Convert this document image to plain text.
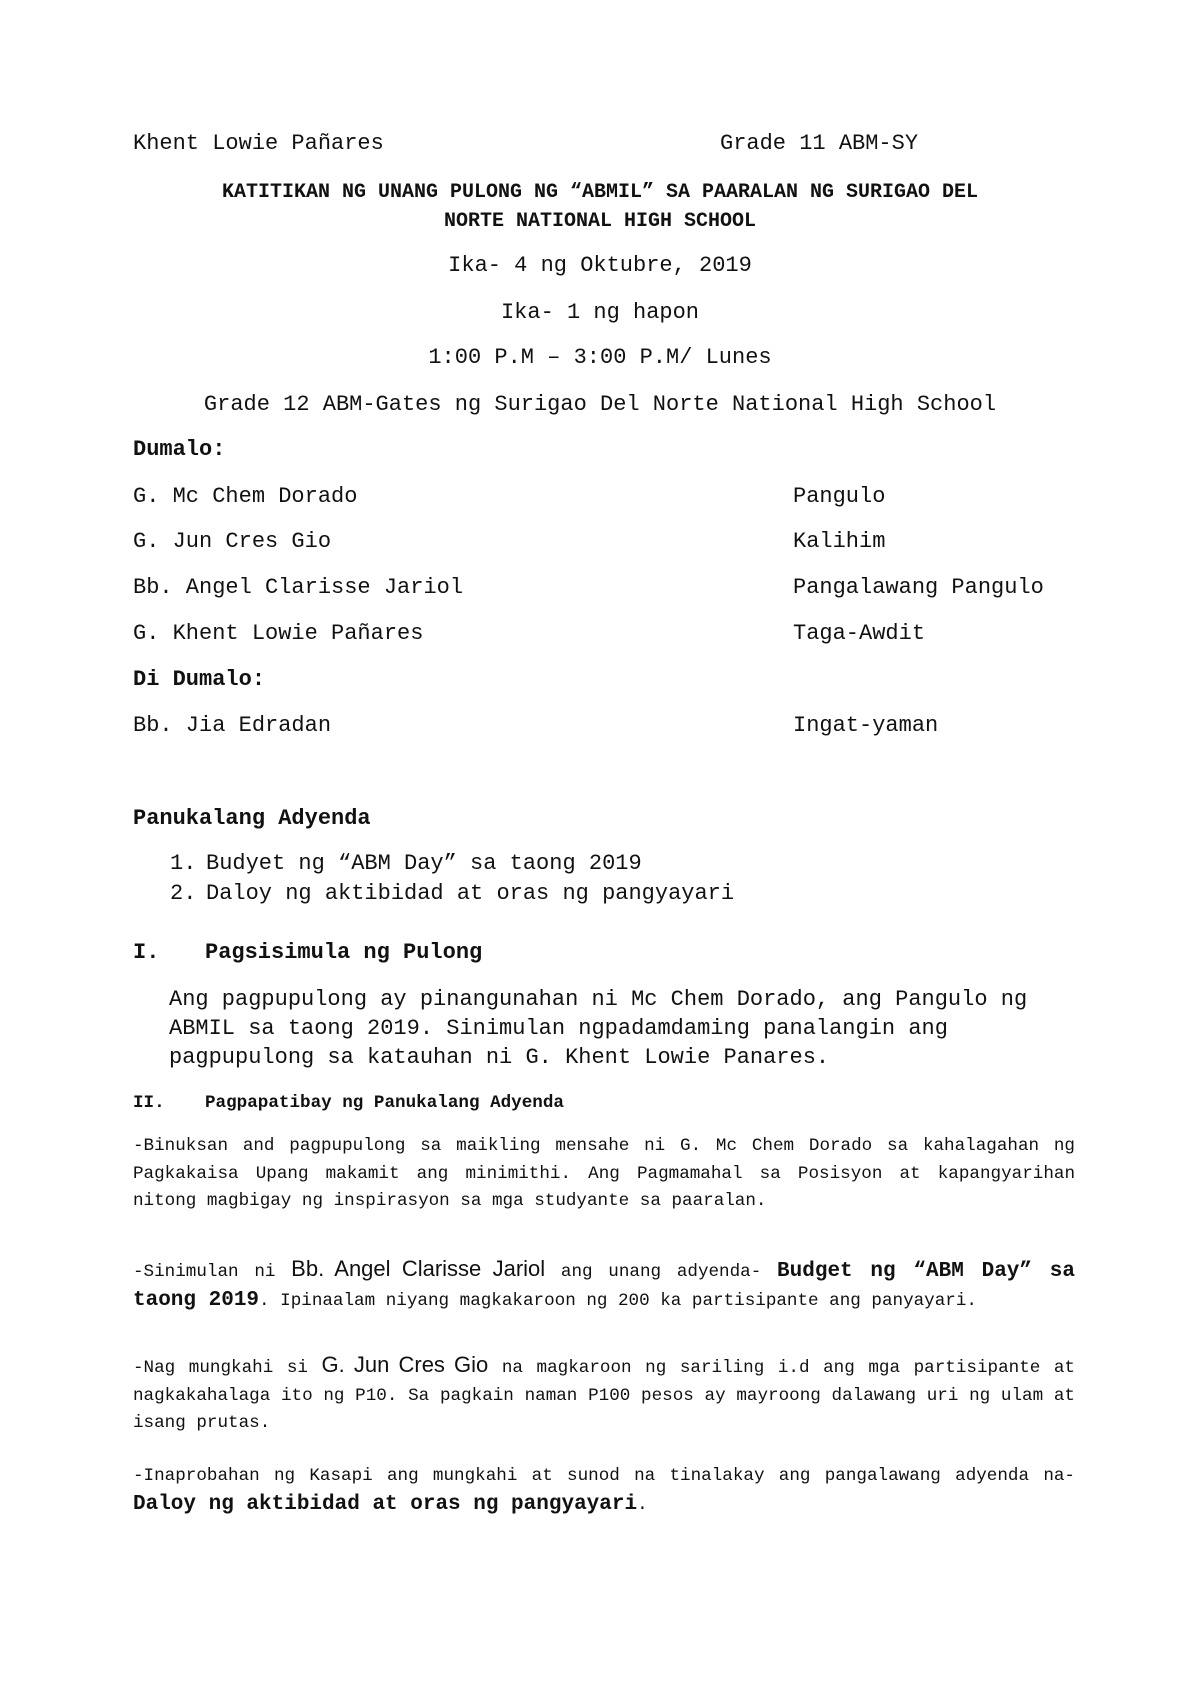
Khent Lowie Pañares	Grade 11 ABM-SY
KATITIKAN NG UNANG PULONG NG “ABMIL” SA PAARALAN NG SURIGAO DEL
NORTE NATIONAL HIGH SCHOOL
Ika- 4 ng Oktubre, 2019
Ika- 1 ng hapon
1:00 P.M – 3:00 P.M/ Lunes
Grade 12 ABM-Gates ng Surigao Del Norte National High School
Dumalo:
G. Mc Chem Dorado	Pangulo
G. Jun Cres Gio	Kalihim
Bb. Angel Clarisse Jariol	Pangalawang Pangulo
G. Khent Lowie Pañares	Taga-Awdit
Di Dumalo:
Bb. Jia Edradan	Ingat-yaman
Panukalang Adyenda
1. Budyet ng “ABM Day” sa taong 2019
2. Daloy ng aktibidad at oras ng pangyayari
I. Pagsisimula ng Pulong
Ang pagpupulong ay pinangunahan ni Mc Chem Dorado, ang Pangulo ng ABMIL sa taong 2019. Sinimulan ngpadamdaming panalangin ang pagpupulong sa katauhan ni G. Khent Lowie Panares.
II. Pagpapatibay ng Panukalang Adyenda
-Binuksan and pagpupulong sa maikling mensahe ni G. Mc Chem Dorado sa kahalagahan ng Pagkakaisa Upang makamit ang minimithi. Ang Pagmamahal sa Posisyon at kapangyarihan nitong magbigay ng inspirasyon sa mga studyante sa paaralan.
-Sinimulan ni Bb. Angel Clarisse Jariol ang unang adyenda- Budget ng “ABM Day” sa taong 2019. Ipinaalam niyang magkakaroon ng 200 ka partisipante ang panyayari.
-Nag mungkahi si G. Jun Cres Gio na magkaroon ng sariling i.d ang mga partisipante at nagkakahalaga ito ng P10. Sa pagkain naman P100 pesos ay mayroong dalawang uri ng ulam at isang prutas.
-Inaprobahan ng Kasapi ang mungkahi at sunod na tinalakay ang pangalawang adyenda na- Daloy ng aktibidad at oras ng pangyayari.
